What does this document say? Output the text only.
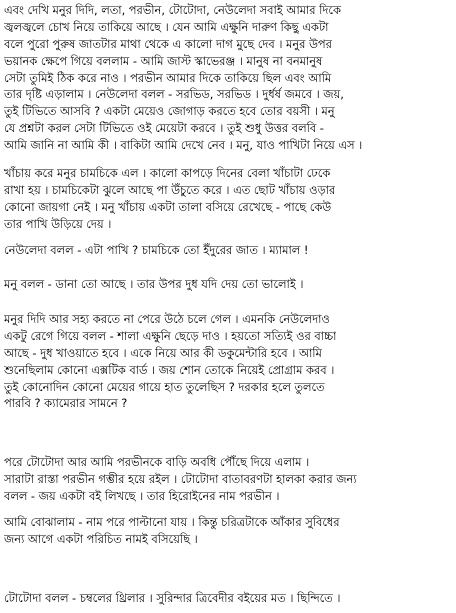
এবং দেখি মনুর দিদি, লতা, পরভীন, টোটোদা, নেউলেদা সবাই আমার দিকে
জ্বলজ্বলে চোখ নিয়ে তাকিয়ে আছে । যেন আমি এক্ষুনি দারুণ কিছু একটা
বলে পুরো পুরুষ জাতটার মাথা থেকে এ কালো দাগ মুছে দেব । মনুর উপর
ভয়ানক ক্ষেপে গিয়ে বললাম - আমি জাস্ট স্কাভেরঞ্জ । মানুষ না বনমানুষ
সেটা তুমিই ঠিক করে নাও । পরভীন আমার দিকে তাকিয়ে ছিল এবং আমি
তার দৃষ্টি এড়ালাম । নেউলেদা বলল - সরভিড, সরভিড । দুর্ধর্ষ জমবে । জয়,
তুই টিভিতে আসবি ? একটা মেয়েও জোগাড় করতে হবে তোর বয়সী । মনু
যে প্রশ্নটা করল সেটা টিভিতে ওই মেয়েটা করবে । তুই শুধু উত্তর বলবি -
আমি জানি না আমি কী । বাকিটা আমি দেখে নেব । মনু, যাও পাখিটা নিয়ে এস ।

খাঁচায় করে মনুর চামচিকে এল । কালো কাপড়ে দিনের বেলা খাঁচাটা ঢেকে
রাখা হয় । চামচিকেটা ঝুলে আছে পা উঁচুতে করে । এত ছোট খাঁচায় ওড়ার
কোনো জায়গা নেই । মনু খাঁচায় একটা তালা বসিয়ে রেখেছে - পাছে কেউ
তার পাখি উড়িয়ে দেয় ।

নেউলেদা বলল - এটা পাখি ? চামচিকে তো ইঁদুরের জাত । ম্যামাল !

মনু বলল - ডানা তো আছে । তার উপর দুধ যদি দেয় তো ভালোই ।

মনুর দিদি আর সহ্য করতে না পেরে উঠে চলে গেল । এমনকি নেউলেদাও
একটু রেগে গিয়ে বলল - শালা এক্ষুনি ছেড়ে দাও । হয়তো সত্যিই ওর বাচ্চা
আছে - দুধ খাওয়াতে হবে । একে নিয়ে আর কী ডকুমেন্টারি হবে । আমি
শুনেছিলাম কোনো এক্সটিক বার্ড । জয় শোন তোকে নিয়েই প্রোগ্রাম করব ।
তুই কোনোদিন কোনো মেয়ের গায়ে হাত তুলেছিস ? দরকার হলে তুলতে
পারবি ? ক্যামেরার সামনে ?

পরে টোটোদা আর আমি পরভীনকে বাড়ি অবধি পৌঁছে দিয়ে এলাম ।
সারাটা রাস্তা পরভীন গম্ভীর হয়ে রইল । টোটোদা বাতাবরণটা হালকা করার জন্য
বলল - জয় একটা বই লিখছে । তার হিরোইনের নাম পরভীন ।

আমি বোঝালাম - নাম পরে পাল্টানো যায় । কিন্তু চরিত্রটাকে আঁকার সুবিধের
জন্য আগে একটা পরিচিত নামই বসিয়েছি ।

টোটোদা বলল - চম্বলের থ্রিলার । সুরিন্দার ত্রিবেদীর বইয়ের মত । ছিন্দিতে ।
